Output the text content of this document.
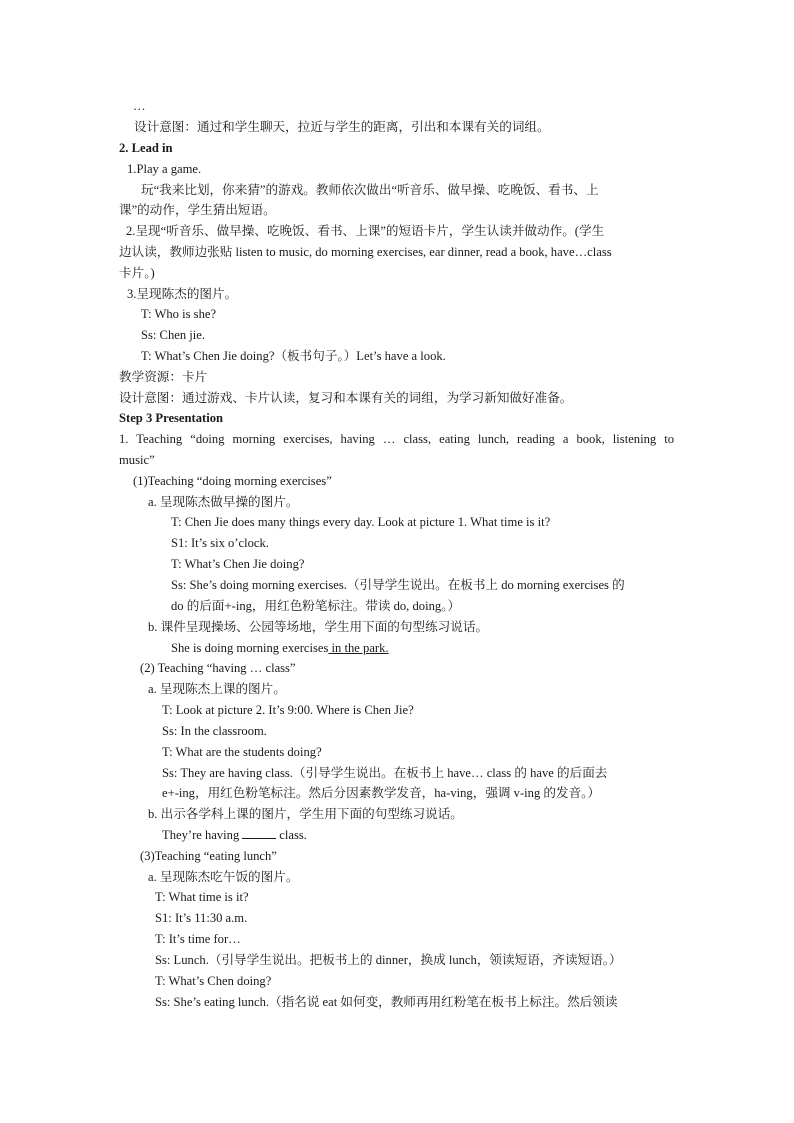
…
设计意图：通过和学生聊天，拉近与学生的距离，引出和本课有关的词组。
2. Lead in
1.Play a game.
玩“我来比划，你来猜”的游戏。教师依次做出“听音乐、做早操、吃晚饭、看书、上
课”的动作，学生猜出短语。
2.呈现“听音乐、做早操、吃晚饭、看书、上课”的短语卡片，学生认读并做动作。(学生
边认读，教师边张贴 listen to music, do morning exercises, ear dinner, read a book, have…class
卡片。)
3.呈现陈杰的图片。
T: Who is she?
Ss: Chen jie.
T: What’s Chen Jie doing?（板书句子。）Let’s have a look.
教学资源：卡片
设计意图：通过游戏、卡片认读，复习和本课有关的词组，为学习新知做好准备。
Step 3 Presentation
1. Teaching “doing morning exercises, having … class, eating lunch, reading a book, listening to
music”
(1)Teaching “doing morning exercises”
a. 呈现陈杰做早操的图片。
T: Chen Jie does many things every day. Look at picture 1. What time is it?
S1: It’s six o’clock.
T: What’s Chen Jie doing?
Ss: She’s doing morning exercises.（引导学生说出。在板书上 do morning exercises 的
do 的后面+-ing，用红色粉笔标注。带读 do, doing。）
b. 课件呈现操场、公园等场地，学生用下面的句型练习说话。
She is doing morning exercises in the park.
(2) Teaching “having … class”
a. 呈现陈杰上课的图片。
T: Look at picture 2. It’s 9:00. Where is Chen Jie?
Ss: In the classroom.
T: What are the students doing?
Ss: They are having class.（引导学生说出。在板书上 have… class 的 have 的后面去
e+-ing，用红色粉笔标注。然后分因素教学发音，ha-ving，强调 v-ing 的发音。）
b. 出示各学科上课的图片，学生用下面的句型练习说话。
They’re having	class.
(3)Teaching “eating lunch”
a. 呈现陈杰吃午饭的图片。
T: What time is it?
S1: It’s 11:30 a.m.
T: It’s time for…
Ss: Lunch.（引导学生说出。把板书上的 dinner，换成 lunch，领读短语，齐读短语。）
T: What’s Chen doing?
Ss: She’s eating lunch.（指名说 eat 如何变，教师再用红粉笔在板书上标注。然后领读
